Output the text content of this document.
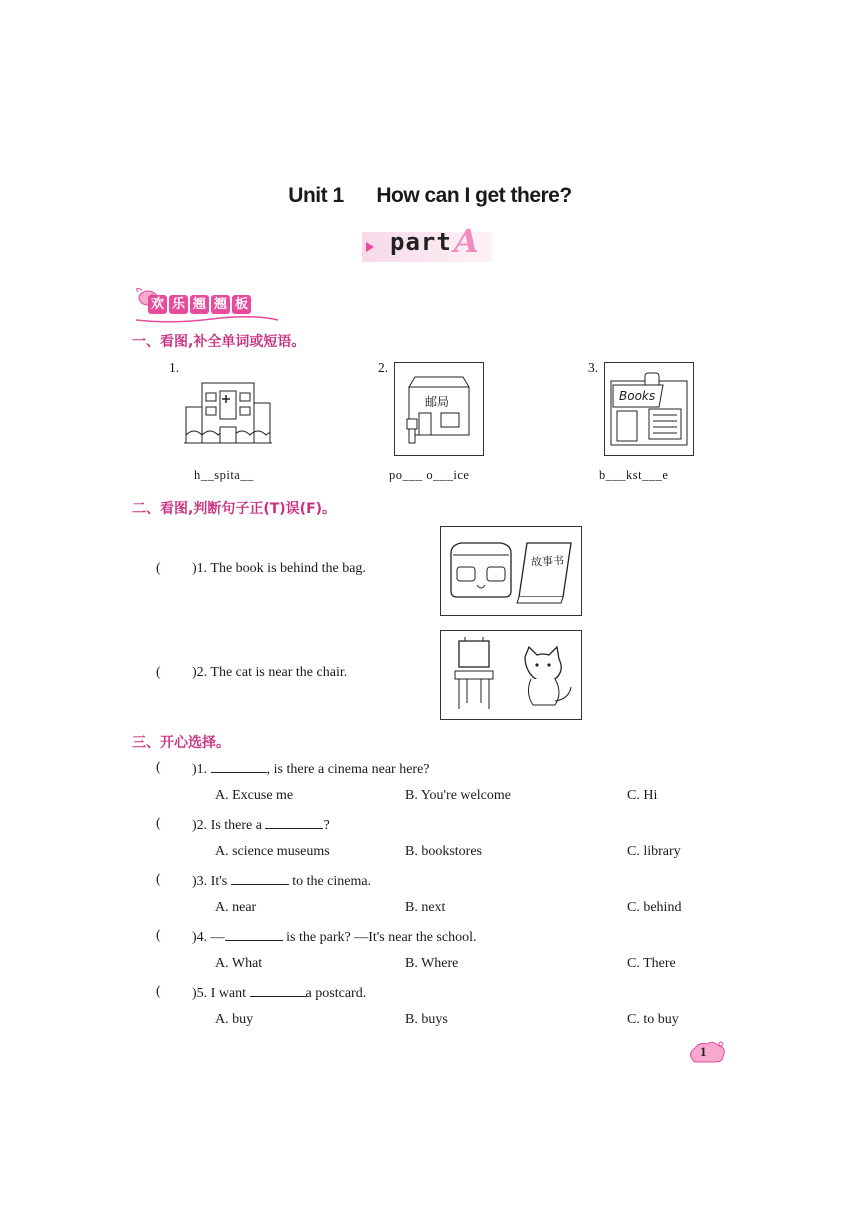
Unit 1 How can I get there?
part A
欢 乐 翘 翘 板
一、看图,补全单词或短语。
1.
h__spita__
2.
邮局
po___ o___ice
3.
Books
b___kst___e
二、看图,判断句子正(T)误(F)。
( )1. The book is behind the bag.	故事书
( )2. The cat is near the chair.
三、开心选择。
( )1.	, is there a cinema near here?
A. Excuse me	B. You're welcome	C. Hi
( )2. Is there a	?
A. science museums	B. bookstores	C. library
( )3. It's	to the cinema.
A. near	B. next	C. behind
( )4. —	is the park? —It's near the school.
A. What	B. Where	C. There
( )5. I want	a postcard.
A. buy	B. buys	C. to buy
1
